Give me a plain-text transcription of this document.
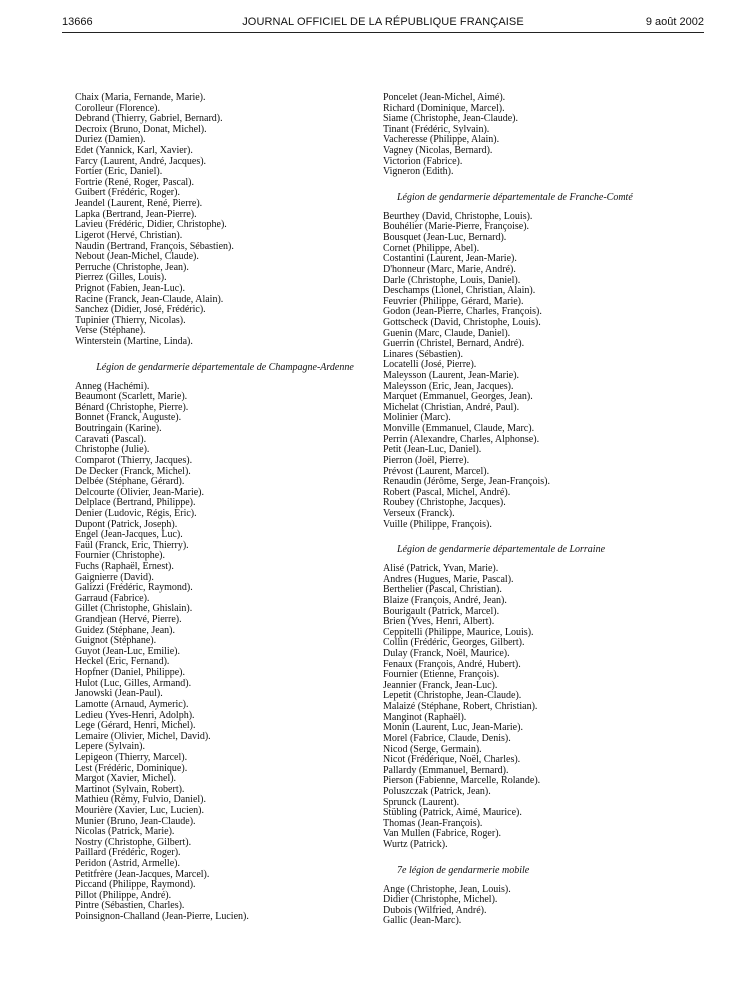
13666	JOURNAL OFFICIEL DE LA RÉPUBLIQUE FRANÇAISE	9 août 2002
Chaix (Maria, Fernande, Marie).
Corolleur (Florence).
Debrand (Thierry, Gabriel, Bernard).
Decroix (Bruno, Donat, Michel).
Duriez (Damien).
Edet (Yannick, Karl, Xavier).
Farcy (Laurent, André, Jacques).
Fortier (Eric, Daniel).
Fortrie (René, Roger, Pascal).
Guibert (Frédéric, Roger).
Jeandel (Laurent, René, Pierre).
Lapka (Bertrand, Jean-Pierre).
Lavieu (Frédéric, Didier, Christophe).
Ligerot (Hervé, Christian).
Naudin (Bertrand, François, Sébastien).
Nebout (Jean-Michel, Claude).
Perruche (Christophe, Jean).
Pierrez (Gilles, Louis).
Prignot (Fabien, Jean-Luc).
Racine (Franck, Jean-Claude, Alain).
Sanchez (Didier, José, Frédéric).
Tupinier (Thierry, Nicolas).
Verse (Stéphane).
Winterstein (Martine, Linda).
Légion de gendarmerie départementale de Champagne-Ardenne
Anneg (Hachémi).
Beaumont (Scarlett, Marie).
Bénard (Christophe, Pierre).
Bonnet (Franck, Auguste).
Boutringain (Karine).
Caravati (Pascal).
Christophe (Julie).
Comparot (Thierry, Jacques).
De Decker (Franck, Michel).
Delbée (Stéphane, Gérard).
Delcourte (Olivier, Jean-Marie).
Delplace (Bertrand, Philippe).
Denier (Ludovic, Régis, Eric).
Dupont (Patrick, Joseph).
Engel (Jean-Jacques, Luc).
Faül (Franck, Eric, Thierry).
Fournier (Christophe).
Fuchs (Raphaël, Ernest).
Gaignierre (David).
Galizzi (Frédéric, Raymond).
Garraud (Fabrice).
Gillet (Christophe, Ghislain).
Grandjean (Hervé, Pierre).
Guidez (Stéphane, Jean).
Guignot (Stéphane).
Guyot (Jean-Luc, Emilie).
Heckel (Eric, Fernand).
Hopfner (Daniel, Philippe).
Hulot (Luc, Gilles, Armand).
Janowski (Jean-Paul).
Lamotte (Arnaud, Aymeric).
Ledieu (Yves-Henri, Adolph).
Lege (Gérard, Henri, Michel).
Lemaire (Olivier, Michel, David).
Lepere (Sylvain).
Lepigeon (Thierry, Marcel).
Lest (Frédéric, Dominique).
Margot (Xavier, Michel).
Martinot (Sylvain, Robert).
Mathieu (Rémy, Fulvio, Daniel).
Mourière (Xavier, Luc, Lucien).
Munier (Bruno, Jean-Claude).
Nicolas (Patrick, Marie).
Nostry (Christophe, Gilbert).
Paillard (Frédéric, Roger).
Peridon (Astrid, Armelle).
Petitfrère (Jean-Jacques, Marcel).
Piccand (Philippe, Raymond).
Pillot (Philippe, André).
Pintre (Sébastien, Charles).
Poinsignon-Challand (Jean-Pierre, Lucien).
Poncelet (Jean-Michel, Aimé).
Richard (Dominique, Marcel).
Siame (Christophe, Jean-Claude).
Tinant (Frédéric, Sylvain).
Vacheresse (Philippe, Alain).
Vagney (Nicolas, Bernard).
Victorion (Fabrice).
Vigneron (Edith).
Légion de gendarmerie départementale de Franche-Comté
Beurthey (David, Christophe, Louis).
Bouhélier (Marie-Pierre, Françoise).
Bousquet (Jean-Luc, Bernard).
Cornet (Philippe, Abel).
Costantini (Laurent, Jean-Marie).
D'honneur (Marc, Marie, André).
Darle (Christophe, Louis, Daniel).
Deschamps (Lionel, Christian, Alain).
Feuvrier (Philippe, Gérard, Marie).
Godon (Jean-Pierre, Charles, François).
Gottscheck (David, Christophe, Louis).
Guenin (Marc, Claude, Daniel).
Guerrin (Christel, Bernard, André).
Linares (Sébastien).
Locatelli (José, Pierre).
Maleysson (Laurent, Jean-Marie).
Maleysson (Eric, Jean, Jacques).
Marquet (Emmanuel, Georges, Jean).
Michelat (Christian, André, Paul).
Molinier (Marc).
Monville (Emmanuel, Claude, Marc).
Perrin (Alexandre, Charles, Alphonse).
Petit (Jean-Luc, Daniel).
Pierron (Joël, Pierre).
Prévost (Laurent, Marcel).
Renaudin (Jérôme, Serge, Jean-François).
Robert (Pascal, Michel, André).
Roubey (Christophe, Jacques).
Verseux (Franck).
Vuille (Philippe, François).
Légion de gendarmerie départementale de Lorraine
Alisé (Patrick, Yvan, Marie).
Andres (Hugues, Marie, Pascal).
Berthelier (Pascal, Christian).
Blaize (François, André, Jean).
Bourigault (Patrick, Marcel).
Brien (Yves, Henri, Albert).
Ceppitelli (Philippe, Maurice, Louis).
Collin (Frédéric, Georges, Gilbert).
Dulay (Franck, Noël, Maurice).
Fenaux (François, André, Hubert).
Fournier (Etienne, François).
Jeannier (Franck, Jean-Luc).
Lepetit (Christophe, Jean-Claude).
Malaizé (Stéphane, Robert, Christian).
Manginot (Raphaël).
Monin (Laurent, Luc, Jean-Marie).
Morel (Fabrice, Claude, Denis).
Nicod (Serge, Germain).
Nicot (Frédérique, Noël, Charles).
Pallardy (Emmanuel, Bernard).
Pierson (Fabienne, Marcelle, Rolande).
Poluszczak (Patrick, Jean).
Sprunck (Laurent).
Stübling (Patrick, Aimé, Maurice).
Thomas (Jean-François).
Van Mullen (Fabrice, Roger).
Wurtz (Patrick).
7e légion de gendarmerie mobile
Ange (Christophe, Jean, Louis).
Didier (Christophe, Michel).
Dubois (Wilfried, André).
Gallic (Jean-Marc).
